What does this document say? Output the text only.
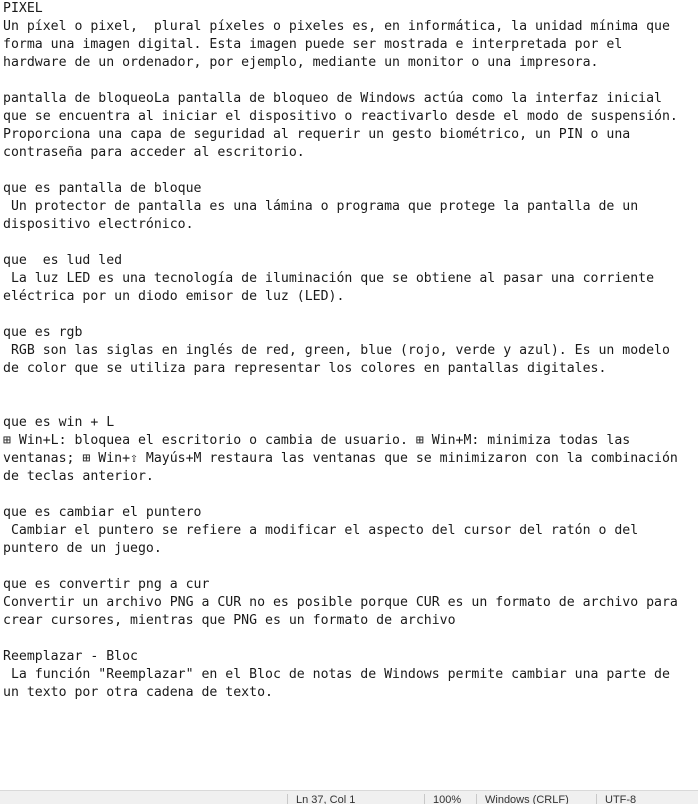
PIXEL
Un píxel o pixel,  plural píxeles o pixeles es, en informática, la unidad mínima que
forma una imagen digital. Esta imagen puede ser mostrada e interpretada por el
hardware de un ordenador, por ejemplo, mediante un monitor o una impresora.

pantalla de bloqueoLa pantalla de bloqueo de Windows actúa como la interfaz inicial
que se encuentra al iniciar el dispositivo o reactivarlo desde el modo de suspensión.
Proporciona una capa de seguridad al requerir un gesto biométrico, un PIN o una
contraseña para acceder al escritorio.

que es pantalla de bloque
Un protector de pantalla es una lámina o programa que protege la pantalla de un
dispositivo electrónico.

que  es lud led
La luz LED es una tecnología de iluminación que se obtiene al pasar una corriente
eléctrica por un diodo emisor de luz (LED).

que es rgb
RGB son las siglas en inglés de red, green, blue (rojo, verde y azul). Es un modelo
de color que se utiliza para representar los colores en pantallas digitales.

que es win + L
⊞ Win+L: bloquea el escritorio o cambia de usuario. ⊞ Win+M: minimiza todas las
ventanas; ⊞ Win+⇧ Mayús+M restaura las ventanas que se minimizaron con la combinación
de teclas anterior.

que es cambiar el puntero
Cambiar el puntero se refiere a modificar el aspecto del cursor del ratón o del
puntero de un juego.

que es convertir png a cur
Convertir un archivo PNG a CUR no es posible porque CUR es un formato de archivo para
crear cursores, mientras que PNG es un formato de archivo

Reemplazar - Bloc
La función "Reemplazar" en el Bloc de notas de Windows permite cambiar una parte de
un texto por otra cadena de texto.
Ln 37, Col 1	100%	Windows (CRLF)	UTF-8
